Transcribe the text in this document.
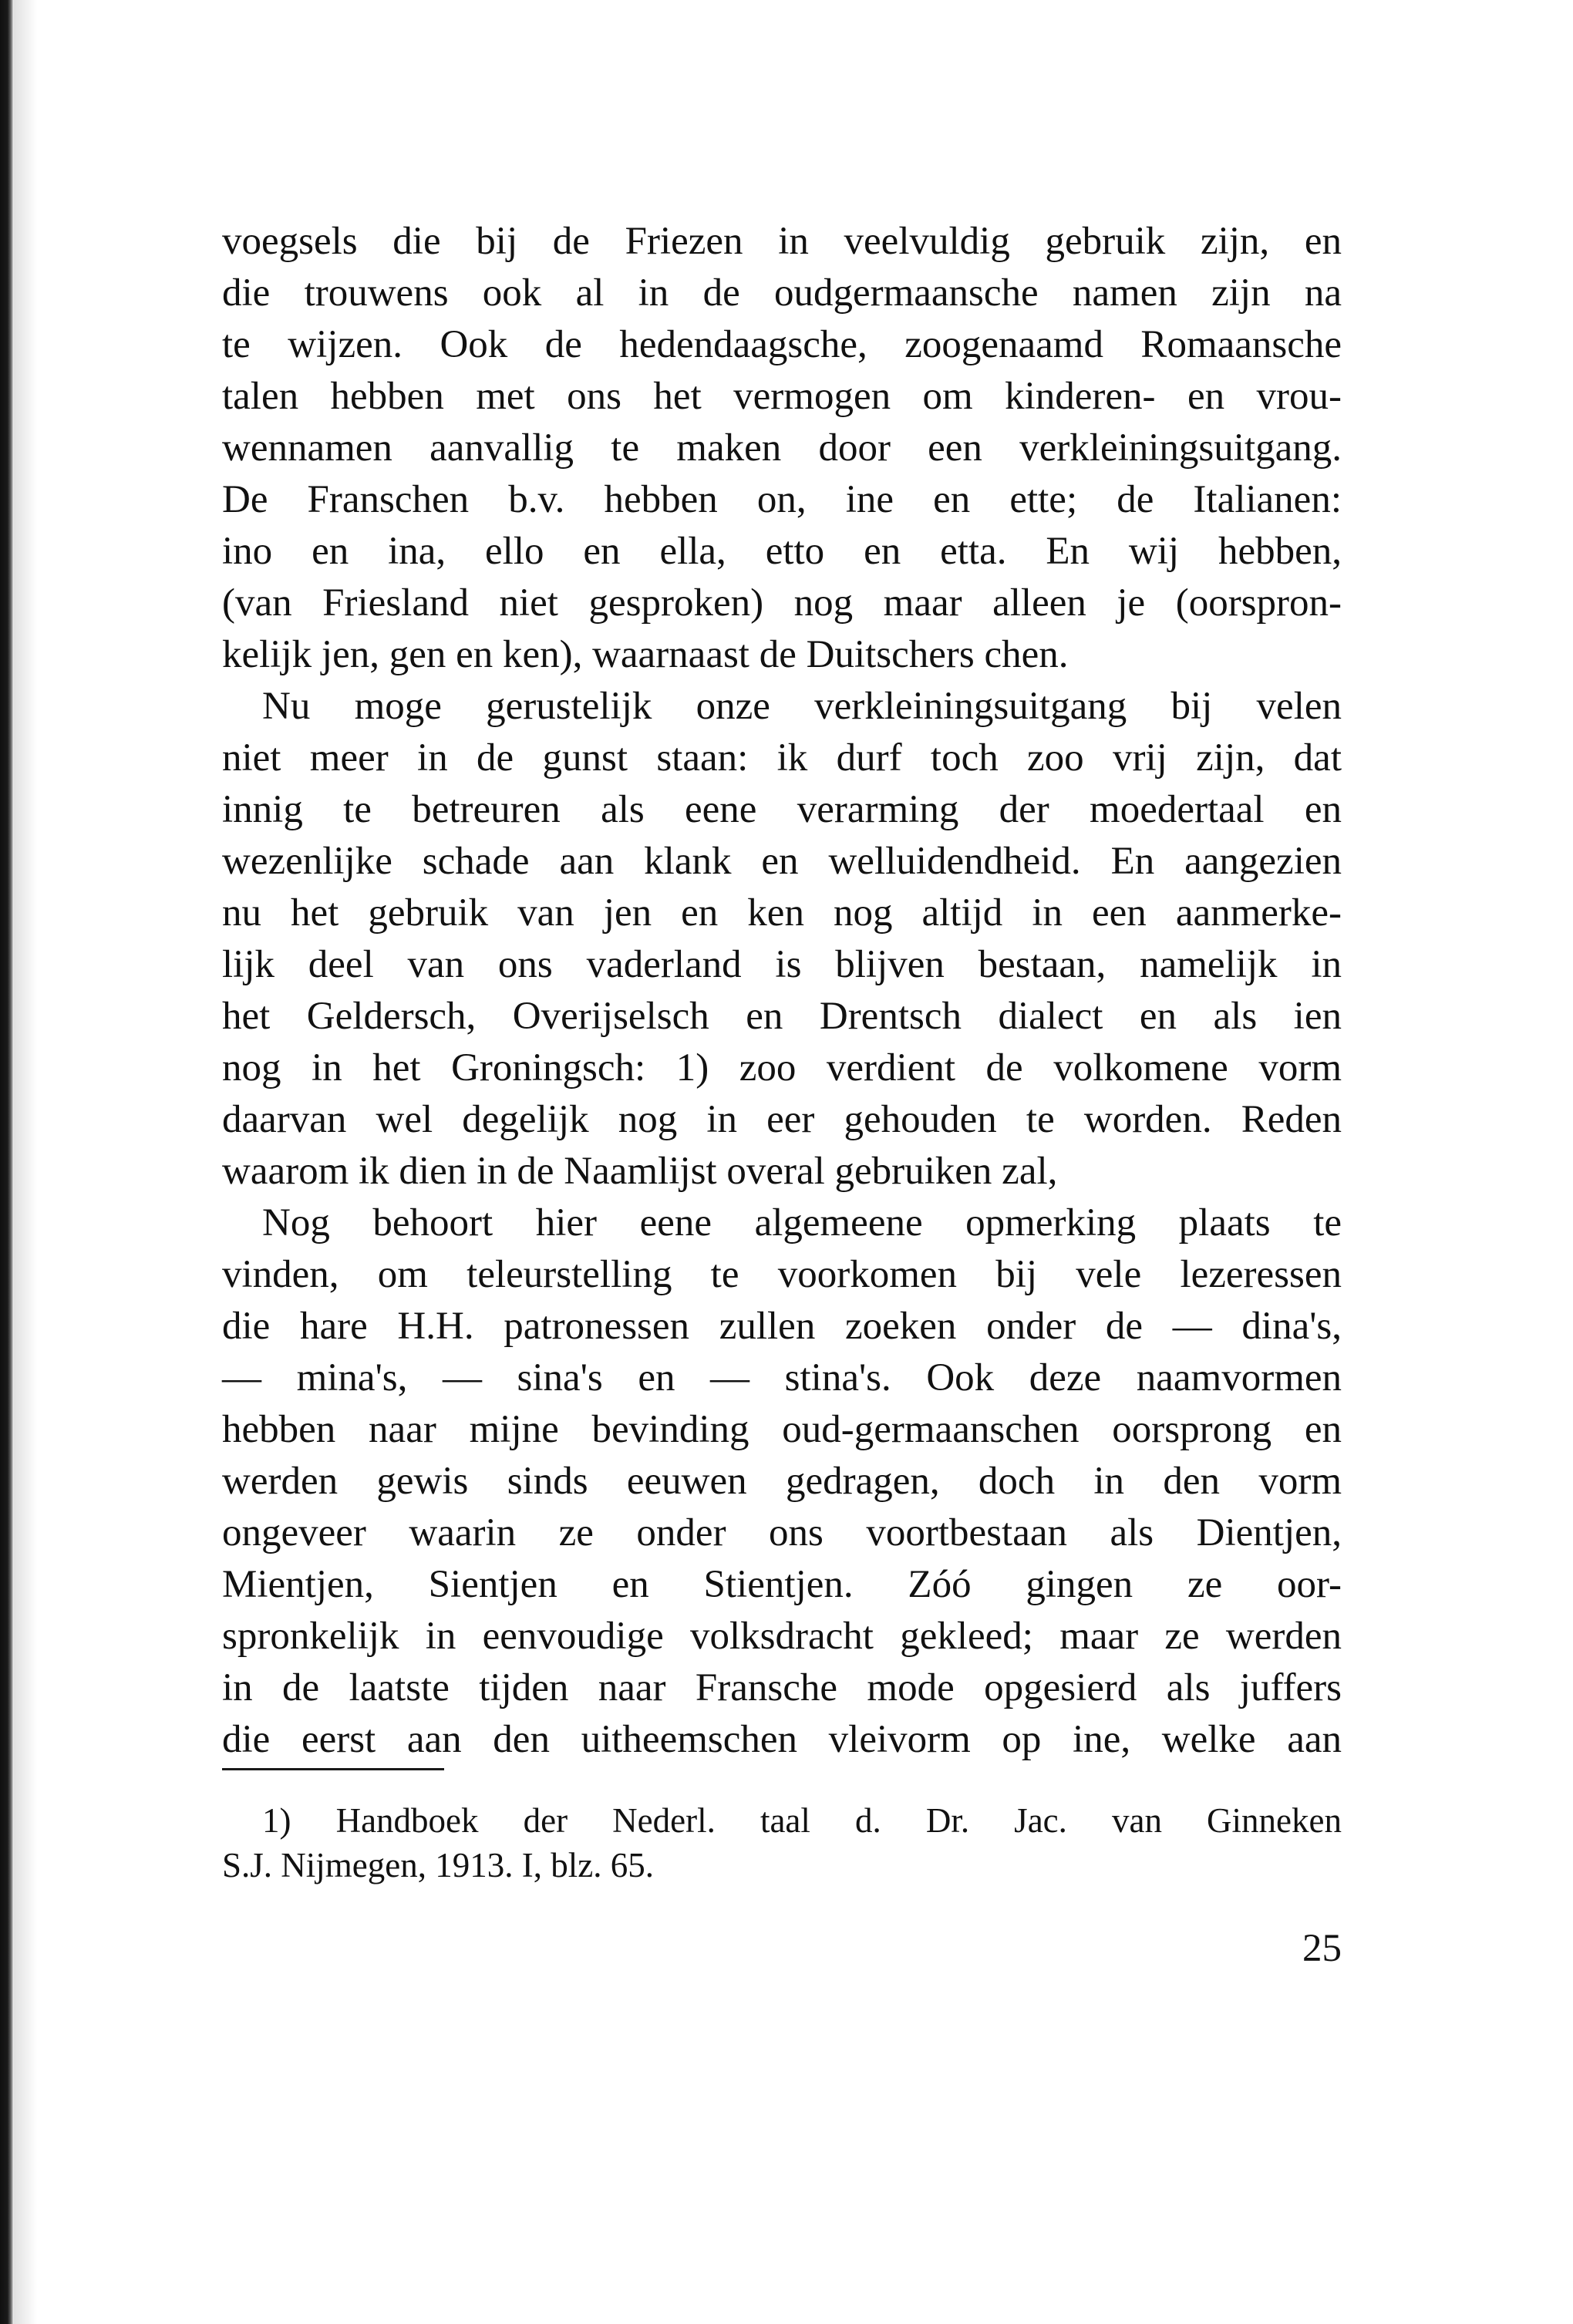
voegsels die bij de Friezen in veelvuldig gebruik zijn, en
die trouwens ook al in de oudgermaansche namen zijn na
te wijzen. Ook de hedendaagsche, zoogenaamd Romaansche
talen hebben met ons het vermogen om kinderen- en vrou-
wennamen aanvallig te maken door een verkleiningsuitgang.
De Franschen b.v. hebben on, ine en ette; de Italianen:
ino en ina, ello en ella, etto en etta. En wij hebben,
(van Friesland niet gesproken) nog maar alleen je (oorspron-
kelijk jen, gen en ken), waarnaast de Duitschers chen.
Nu moge gerustelijk onze verkleiningsuitgang bij velen
niet meer in de gunst staan: ik durf toch zoo vrij zijn, dat
innig te betreuren als eene verarming der moedertaal en
wezenlijke schade aan klank en welluidendheid. En aangezien
nu het gebruik van jen en ken nog altijd in een aanmerke-
lijk deel van ons vaderland is blijven bestaan, namelijk in
het Geldersch, Overijselsch en Drentsch dialect en als ien
nog in het Groningsch: 1) zoo verdient de volkomene vorm
daarvan wel degelijk nog in eer gehouden te worden. Reden
waarom ik dien in de Naamlijst overal gebruiken zal,
Nog behoort hier eene algemeene opmerking plaats te
vinden, om teleurstelling te voorkomen bij vele lezeressen
die hare H.H. patronessen zullen zoeken onder de — dina's,
— mina's, — sina's en — stina's. Ook deze naamvormen
hebben naar mijne bevinding oud-germaanschen oorsprong en
werden gewis sinds eeuwen gedragen, doch in den vorm
ongeveer waarin ze onder ons voortbestaan als Dientjen,
Mientjen, Sientjen en Stientjen. Zóó gingen ze oor-
spronkelijk in eenvoudige volksdracht gekleed; maar ze werden
in de laatste tijden naar Fransche mode opgesierd als juffers
die eerst aan den uitheemschen vleivorm op ine, welke aan
1) Handboek der Nederl. taal d. Dr. Jac. van Ginneken
S.J. Nijmegen, 1913. I, blz. 65.
25
